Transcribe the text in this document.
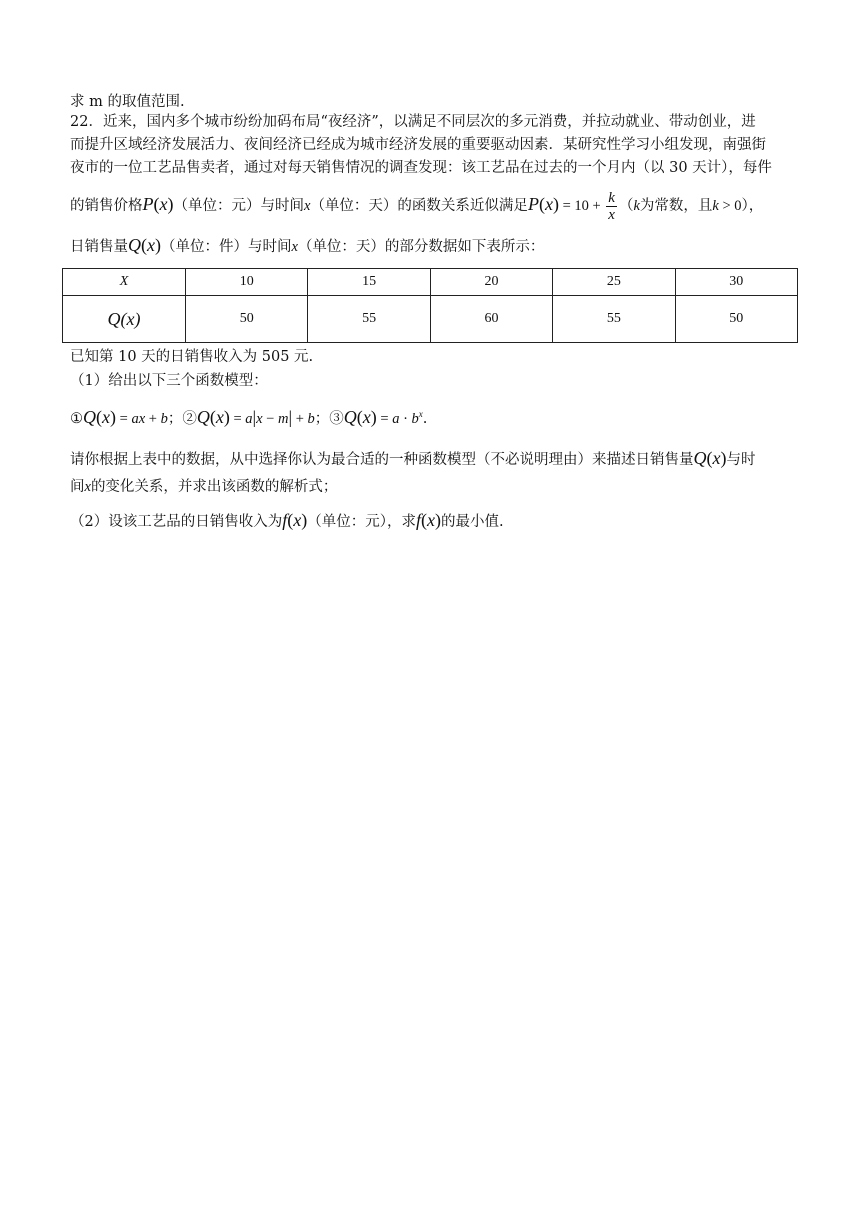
求 m 的取值范围.
22．近来，国内多个城市纷纷加码布局“夜经济”，以满足不同层次的多元消费，并拉动就业、带动创业，进
而提升区域经济发展活力、夜间经济已经成为城市经济发展的重要驱动因素．某研究性学习小组发现，南强街
夜市的一位工艺品售卖者，通过对每天销售情况的调查发现：该工艺品在过去的一个月内（以 30 天计），每件
的销售价格P(x)（单位：元）与时间x（单位：天）的函数关系近似满足$P(x) = 10 + \frac{k}{x} (k$为常数，且k > 0），
日销售量Q(x)（单位：件）与时间x（单位：天）的部分数据如下表所示：
X	10	15	20	25	30
Q(x)	50	55	60	55	50
已知第 10 天的日销售收入为 505 元.
（1）给出以下三个函数模型：
①Q(x) = ax + b；②Q(x) = a|x − m| + b；③Q(x) = $a \cdot b^x$.
请你根据上表中的数据，从中选择你认为最合适的一种函数模型（不必说明理由）来描述日销售量Q(x)与时
间x的变化关系，并求出该函数的解析式；
（2）设该工艺品的日销售收入为f(x)（单位：元），求f(x)的最小值.
